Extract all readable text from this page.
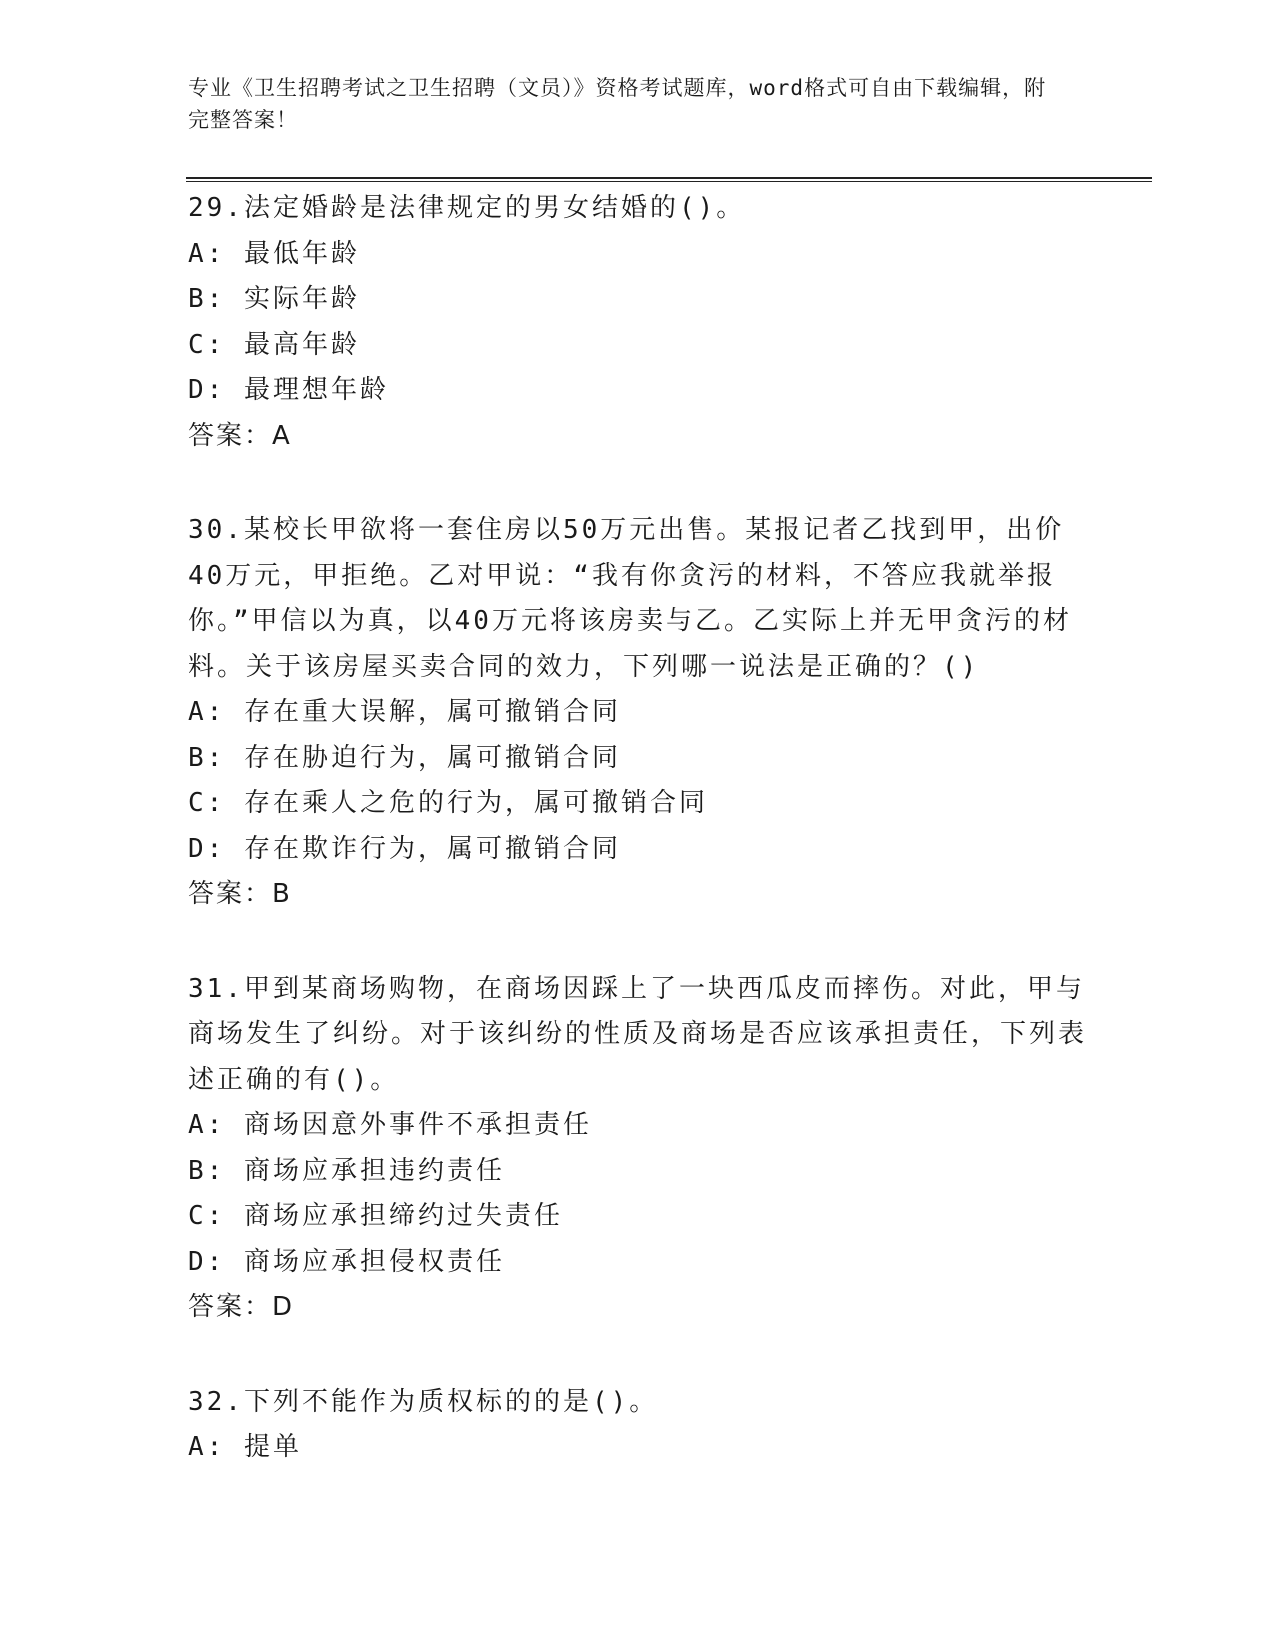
专业《卫生招聘考试之卫生招聘（文员）》资格考试题库，word格式可自由下载编辑，附完整答案！

29.法定婚龄是法律规定的男女结婚的()。

A: 最低年龄
B: 实际年龄
C: 最高年龄
D: 最理想年龄
答案：A

30.某校长甲欲将一套住房以50万元出售。某报记者乙找到甲，出价40万元，甲拒绝。乙对甲说：“我有你贪污的材料，不答应我就举报你。”甲信以为真，以40万元将该房卖与乙。乙实际上并无甲贪污的材料。关于该房屋买卖合同的效力，下列哪一说法是正确的？()

A: 存在重大误解，属可撤销合同
B: 存在胁迫行为，属可撤销合同
C: 存在乘人之危的行为，属可撤销合同
D: 存在欺诈行为，属可撤销合同
答案：B

31.甲到某商场购物，在商场因踩上了一块西瓜皮而摔伤。对此，甲与商场发生了纠纷。对于该纠纷的性质及商场是否应该承担责任，下列表述正确的有()。

A: 商场因意外事件不承担责任
B: 商场应承担违约责任
C: 商场应承担缔约过失责任
D: 商场应承担侵权责任
答案：D

32.下列不能作为质权标的的是()。

A: 提单
